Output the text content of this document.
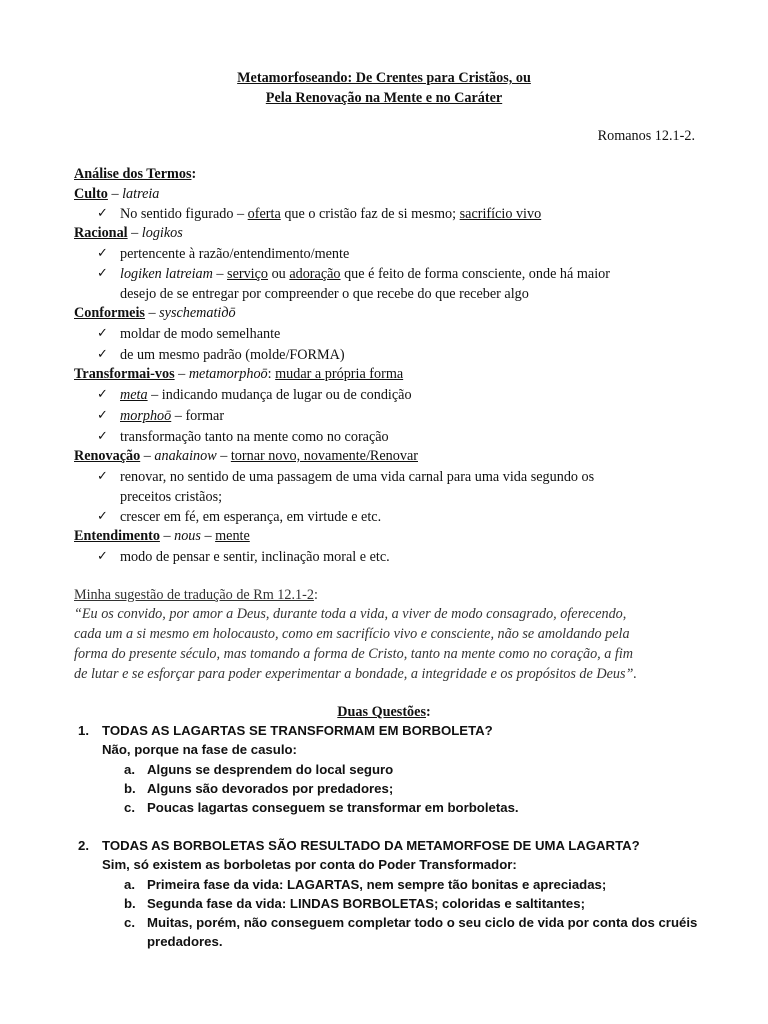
Metamorfoseando: De Crentes para Cristãos, ou
Pela Renovação na Mente e no Caráter
Romanos 12.1-2.
Análise dos Termos:
Culto – latreia
✓ No sentido figurado – oferta que o cristão faz de si mesmo; sacrifício vivo
Racional – logikos
✓ pertencente à razão/entendimento/mente
✓ logiken latreiam – serviço ou adoração que é feito de forma consciente, onde há maior
desejo de se entregar por compreender o que recebe do que receber algo
Conformeis – syschematiдō
✓ moldar de modo semelhante
✓ de um mesmo padrão (molde/FORMA)
Transformai-vos – metamorphoō: mudar a própria forma
✓ meta – indicando mudança de lugar ou de condição
✓ morphoō – formar
✓ transformação tanto na mente como no coração
Renovação – anakainow – tornar novo, novamente/Renovar
✓ renovar, no sentido de uma passagem de uma vida carnal para uma vida segundo os
preceitos cristãos;
✓ crescer em fé, em esperança, em virtude e etc.
Entendimento – nous – mente
✓ modo de pensar e sentir, inclinação moral e etc.
Minha sugestão de tradução de Rm 12.1-2:
“Eu os convido, por amor a Deus, durante toda a vida, a viver de modo consagrado, oferecendo,
cada um a si mesmo em holocausto, como em sacrifício vivo e consciente, não se amoldando pela
forma do presente século, mas tomando a forma de Cristo, tanto na mente como no coração, a fim
de lutar e se esforçar para poder experimentar a bondade, a integridade e os propósitos de Deus”.
Duas Questões:
1. TODAS AS LAGARTAS SE TRANSFORMAM EM BORBOLETA?
Não, porque na fase de casulo:
a. Alguns se desprendem do local seguro
b. Alguns são devorados por predadores;
c. Poucas lagartas conseguem se transformar em borboletas.
2. TODAS AS BORBOLETAS SÃO RESULTADO DA METAMORFOSE DE UMA LAGARTA?
Sim, só existem as borboletas por conta do Poder Transformador:
a. Primeira fase da vida: LAGARTAS, nem sempre tão bonitas e apreciadas;
b. Segunda fase da vida: LINDAS BORBOLETAS; coloridas e saltitantes;
c. Muitas, porém, não conseguem completar todo o seu ciclo de vida por conta dos cruéis
predadores.
